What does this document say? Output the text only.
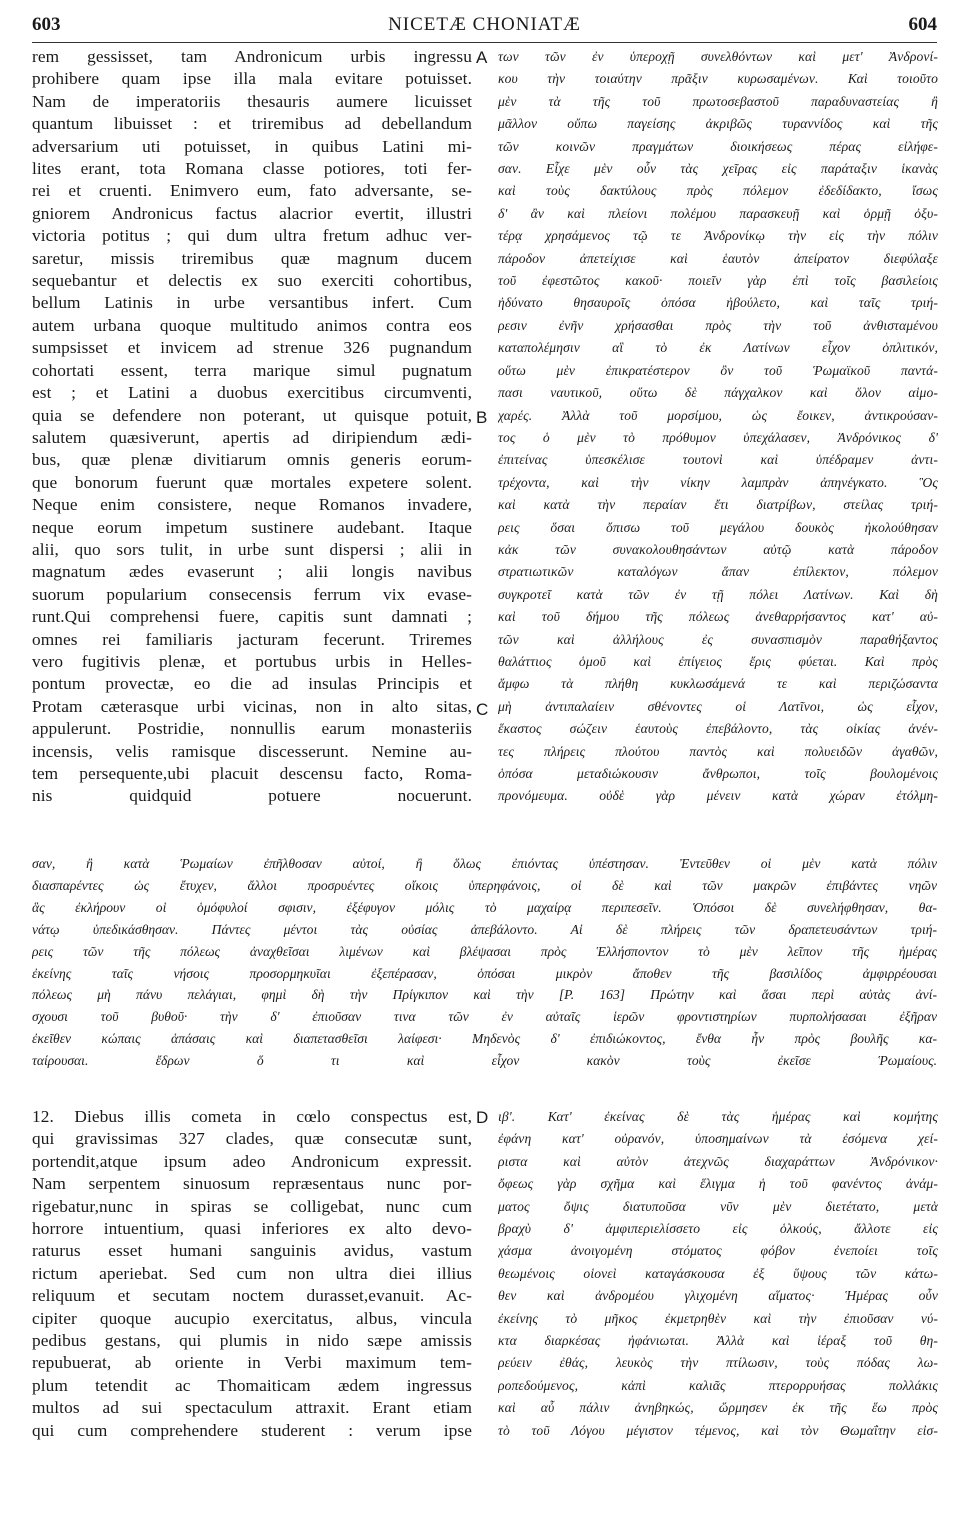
603	NICETÆ CHONIATÆ	604
rem gessisset, tam Andronicum urbis ingressu
prohibere quam ipse illa mala evitare potuisset.
Nam de imperatoriis thesauris aumere licuisset
quantum libuisset : et triremibus ad debellandum
adversarium uti potuisset, in quibus Latini mi-
lites erant, tota Romana classe potiores, toti fer-
rei et cruenti. Enimvero eum, fato adversante, se-
gniorem Andronicus factus alacrior evertit, illustri
victoria potitus ; qui dum ultra fretum adhuc ver-
saretur, missis triremibus quæ magnum ducem
sequebantur et delectis ex suo exerciti cohortibus,
bellum Latinis in urbe versantibus infert. Cum
autem urbana quoque multitudo animos contra eos
sumpsisset et invicem ad strenue 326 pugnandum
cohortati essent, terra marique simul pugnatum
est ; et Latini a duobus exercitibus circumventi,
quia se defendere non poterant, ut quisque potuit,
salutem quæsiverunt, apertis ad diripiendum ædi-
bus, quæ plenæ divitiarum omnis generis eorum-
que bonorum fuerunt quæ mortales expetere solent.
Neque enim consistere, neque Romanos invadere,
neque eorum impetum sustinere audebant. Itaque
alii, quo sors tulit, in urbe sunt dispersi ; alii in
magnatum ædes evaserunt ; alii longis navibus
suorum popularium consecensis ferrum vix evase-
runt.Qui comprehensi fuere, capitis sunt damnati ;
omnes rei familiaris jacturam fecerunt. Triremes
vero fugitivis plenæ, et portubus urbis in Helles-
pontum provectæ, eo die ad insulas Principis et
Protam cæterasque urbi vicinas, non in alto sitas,
appulerunt. Postridie, nonnullis earum monasteriis
incensis, velis ramisque discesserunt. Nemine au-
tem persequente,ubi placuit descensu facto, Roma-
nis quidquid potuere nocuerunt.
των τῶν ἐν ὑπεροχῇ συνελθόντων καὶ μετ' Ἀνδρονί-
κου τὴν τοιαύτην πρᾶξιν κυρωσαμένων. Καὶ τοιοῦτο
μὲν τὰ τῆς τοῦ πρωτοσεβαστοῦ παραδυναστείας ἢ
μᾶλλον οὔπω παγείσης ἀκριβῶς τυραννίδος καὶ τῆς
τῶν κοινῶν πραγμάτων διοικήσεως πέρας εἰλήφε-
σαν. Εἶχε μὲν οὖν τὰς χεῖρας εἰς παράταξιν ἱκανὰς
καὶ τοὺς δακτύλους πρὸς πόλεμον ἐδεδίδακτο, ἴσως
δ' ἂν καὶ πλείονι πολέμου παρασκευῇ καὶ ὁρμῇ ὀξυ-
τέρᾳ χρησάμενος τῷ τε Ἀνδρονίκῳ τὴν εἰς τὴν πόλιν
πάροδον ἀπετείχισε καὶ ἑαυτὸν ἀπείρατον διεφύλαξε
τοῦ ἐφεστῶτος κακοῦ· ποιεῖν γὰρ ἐπὶ τοῖς βασιλείοις
ἠδύνατο θησαυροῖς ὁπόσα ἠβούλετο, καὶ ταῖς τριή-
ρεσιν ἐνῆν χρήσασθαι πρὸς τὴν τοῦ ἀνθισταμένου
καταπολέμησιν αἳ τὸ ἐκ Λατίνων εἶχον ὁπλιτικόν,
οὕτω μὲν ἐπικρατέστερον ὂν τοῦ Ῥωμαϊκοῦ παντά-
πασι ναυτικοῦ, οὕτω δὲ πάγχαλκον καὶ ὅλον αἱμο-
χαρές. Ἀλλὰ τοῦ μορσίμου, ὡς ἔοικεν, ἀντικρούσαν-
τος ὁ μὲν τὸ πρόθυμον ὑπεχάλασεν, Ἀνδρόνικος δ'
ἐπιτείνας ὑπεσκέλισε τουτονὶ καὶ ὑπέδραμεν ἀντι-
τρέχοντα, καὶ τὴν νίκην λαμπρὰν ἀπηνέγκατο. Ὃς
καὶ κατὰ τὴν περαίαν ἔτι διατρίβων, στείλας τριή-
ρεις ὅσαι ὄπισω τοῦ μεγάλου δουκὸς ἠκολούθησαν
κἀκ τῶν συνακολουθησάντων αὐτῷ κατὰ πάροδον
στρατιωτικῶν καταλόγων ἅπαν ἐπίλεκτον, πόλεμον
συγκροτεῖ κατὰ τῶν ἐν τῇ πόλει Λατίνων. Καὶ δὴ
καὶ τοῦ δήμου τῆς πόλεως ἀνεθαρρήσαντος κατ' αὐ-
τῶν καὶ ἀλλήλους ἐς συνασπισμὸν παραθήξαντος
θαλάττιος ὁμοῦ καὶ ἐπίγειος ἔρις φύεται. Καὶ πρὸς
ἅμφω τὰ πλήθη κυκλωσάμενά τε καὶ περιζώσαντα
μὴ ἀντιπαλαίειν σθένοντες οἱ Λατῖνοι, ὡς εἶχον,
ἕκαστος σώζειν ἑαυτοὺς ἐπεβάλοντο, τὰς οἰκίας ἀνέν-
τες πλήρεις πλούτου παντὸς καὶ πολυειδῶν ἀγαθῶν,
ὁπόσα μεταδιώκουσιν ἄνθρωποι, τοῖς βουλομένοις
προνόμευμα. οὐδὲ γὰρ μένειν κατὰ χώραν ἐτόλμη-
σαν, ἢ κατὰ Ῥωμαίων ἐπῆλθοσαν αὐτοί, ἢ ὅλως ἐπιόντας ὑπέστησαν. Ἐντεῦθεν οἱ μὲν κατὰ πόλιν
διασπαρέντες ὡς ἔτυχεν, ἄλλοι προσρυέντες οἴκοις ὑπερηφάνοις, οἱ δὲ καὶ τῶν μακρῶν ἐπιβάντες νηῶν
ἃς ἐκλήρουν οἱ ὁμόφυλοί σφισιν, ἐξέφυγον μόλις τὸ μαχαίρᾳ περιπεσεῖν. Ὁπόσοι δὲ συνελήφθησαν, θα-
νάτῳ ὑπεδικάσθησαν. Πάντες μέντοι τὰς οὐσίας ἀπεβάλοντο. Αἱ δὲ πλήρεις τῶν δραπετευσάντων τριή-
ρεις τῶν τῆς πόλεως ἀναχθεῖσαι λιμένων καὶ βλέψασαι πρὸς Ἑλλήσποντον τὸ μὲν λεῖπον τῆς ἡμέρας
ἐκείνης ταῖς νήσοις προσορμηκυῖαι ἐξεπέρασαν, ὁπόσαι μικρὸν ἄποθεν τῆς βασιλίδος ἀμφιρρέουσαι
πόλεως μὴ πάνυ πελάγιαι, φημὶ δὴ τὴν Πρίγκιπον καὶ τὴν [P. 163] Πρώτην καὶ ἅσαι περὶ αὐτὰς ἀνί-
σχουσι τοῦ βυθοῦ· τὴν δ' ἐπιοῦσαν τινα τῶν ἐν αὐταῖς ἱερῶν φροντιστηρίων πυρπολήσασαι ἐξῆραν
ἐκεῖθεν κώπαις ἁπάσαις καὶ διαπετασθεῖσι λαίφεσι· Μηδενὸς δ' ἐπιδιώκοντος, ἔνθα ἦν πρὸς βουλῆς κα-
ταίρουσαι. ἔδρων ὅ τι καὶ εἶχον κακὸν τοὺς ἐκεῖσε Ῥωμαίους.
12. Diebus illis cometa in cœlo conspectus est,
qui gravissimas 327 clades, quæ consecutæ sunt,
portendit,atque ipsum adeo Andronicum expressit.
Nam serpentem sinuosum repræsentaus nunc por-
rigebatur,nunc in spiras se colligebat, nunc cum
horrore intuentium, quasi inferiores ex alto devo-
raturus esset humani sanguinis avidus, vastum
rictum aperiebat. Sed cum non ultra diei illius
reliquum et secutam noctem durasset,evanuit. Ac-
cipiter quoque aucupio exercitatus, albus, vincula
pedibus gestans, qui plumis in nido sæpe amissis
repubuerat, ab oriente in Verbi maximum tem-
plum tetendit ac Thomaiticam ædem ingressus
multos ad sui spectaculum attraxit. Erant etiam
qui cum comprehendere studerent : verum ipse
ιβ'. Κατ' ἐκείνας δὲ τὰς ἡμέρας καὶ κομήτης
ἐφάνη κατ' οὐρανόν, ὑποσημαίνων τὰ ἐσόμενα χεί-
ριστα καὶ αὐτὸν ἀτεχνῶς διαχαράττων Ἀνδρόνικον·
ὄφεως γὰρ σχῆμα καὶ ἕλιγμα ἡ τοῦ φανέντος ἀνάμ-
ματος ὄψις διατυποῦσα νῦν μὲν διετέτατο, μετὰ
βραχὺ δ' ἀμφιπεριελίσσετο εἰς ὁλκούς, ἄλλοτε εἰς
χάσμα ἀνοιγομένη στόματος φόβον ἐνεποίει τοῖς
θεωμένοις οἱονεὶ καταγάσκουσα ἐξ ὕψους τῶν κάτω-
θεν καὶ ἀνδρομέου γλιχομένη αἵματος· Ἡμέρας οὖν
ἐκείνης τὸ μῆκος ἐκμετρηθὲν καὶ τὴν ἐπιοῦσαν νύ-
κτα διαρκέσας ἠφάνιωται. Ἀλλὰ καὶ ἱέραξ τοῦ θη-
ρεύειν ἐθάς, λευκὸς τὴν πτίλωσιν, τοὺς πόδας λω-
ροπεδούμενος, κἀπὶ καλιᾶς πτερορρυήσας πολλάκις
καὶ αὖ πάλιν ἀνηβηκώς, ὥρμησεν ἐκ τῆς ἕω πρὸς
τὸ τοῦ Λόγου μέγιστον τέμενος, καὶ τὸν Θωμαΐτην εἰσ-
A
B
C
D
